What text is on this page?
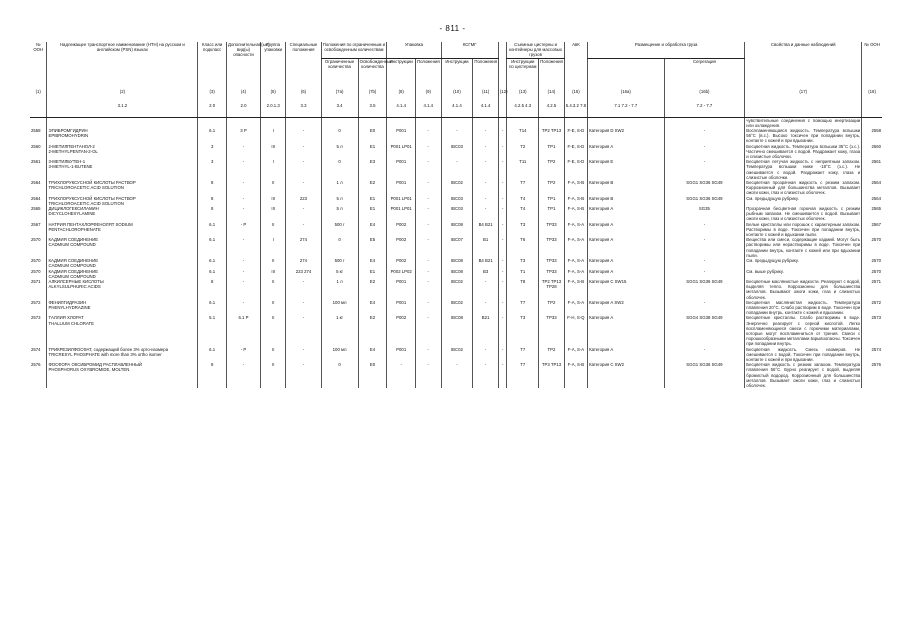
- 811 -
№ ООН	Надлежащее транспортное наименование (НТН) на русском и английском (PSN) языках	Класс или подкласс	Дополнительная(ые) вид(ы) опасности	Группа упаковки	Специальные положения	Положения по ограниченным и освобожденным количествам		Упаковка		КСГМГ			Съемные цистерны и контейнеры для массовых грузов		АвК	Размещение и обработка груза		Свойства и данные наблюдений	№ ООН
						Ограниченные количества	Освобожденные количества	Инструкции	Положения	Инструкции	Положения		Инструкции по цистернам	Положения			Сегрегация		
(1)	(2)	(3)	(4)	(5)	(6)	(7a)	(7b)	(8)	(9)	(10)	(11)	(12)	(13)	(14)	(15)	(16a)	(16b)	(17)	(18)
	3.1.2	2.0	2.0	2.0.1.3	3.3	3.4	3.5	4.1.4	4.1.4	4.1.4	4.1.4		4.2.5 4.3	4.2.5	5.4.3.2 7.8	7.1 7.2 - 7.7	7.2 - 7.7		

																	чувствительные соединения с помощью инертизации или охлаждения.	
2558	ЭПИБРОМГИДРИН
EPIBROMOHYDRIN	6.1	3 P	I	-	0	E0	P001	-	-	-	-	T14	TP2 TP13	F-E, S-D	Категория D SW2	-	Воспламеняющаяся жидкость. Температура вспышки 56°C (в.с.). Высоко токсичен при попадании внутрь, контакте с кожей и при вдыхании.	2558
2560	2-МЕТИЛПЕНТАНОЛ-2
2-METHYLPENTAN-2-OL	3	-	III	-	5 л	E1	P001 LP01	-	IBC03	-	-	T2	TP1	F-E, S-D	Категория А	-	Бесцветная жидкость. Температура вспышки 35°C (з.с.). Частично смешивается с водой. Раздражает кожу, глаза и слизистые оболочки.	2560
2561	3-МЕТИЛБУТЕН-1
3-METHYL-1-BUTENE	3	-	I	-	0	E3	P001	-	-	-	-	T11	TP2	F-E, S-D	Категория E	-	Бесцветная летучая жидкость с неприятным запахом. Температура вспышки ниже -18°C (з.с.). Не смешивается с водой. Раздражает кожу, глаза и слизистые оболочки.	2561
2564	ТРИХЛОРУКСУСНОЙ КИСЛОТЫ РАСТВОР
TRICHLOROACETIC ACID SOLUTION	8	-	II	-	1 л	E2	P001	-	IBC02	-	-	T7	TP2	F-A, S-B	Категория В	SGG1 SG36 SG49	Бесцветная прозрачная жидкость с резким запахом. Коррозионный для большинства металлов. Вызывает ожоги кожи, глаз и слизистых оболочек.	2564
2564	ТРИХЛОРУКСУСНОЙ КИСЛОТЫ РАСТВОР
TRICHLOROACETIC ACID SOLUTION	8	-	III	223	5 л	E1	P001 LP01	-	IBC03	-	-	T4	TP1	F-A, S-B	Категория В	SGG1 SG36 SG49	См. предыдущую рубрику.	2564
2565	ДИЦИКЛОГЕКСИЛАМИН
DICYCLOHEXYLAMINE	8	-	III	-	5 л	E1	P001 LP01	-	IBC03	-	-	T4	TP1	F-A, S-B	Категория А	SG35	Прозрачная бесцветная горючая жидкость с резким рыбным запахом. Не смешивается с водой. Вызывает ожоги кожи, глаз и слизистых оболочек.	2565
2567	НАТРИЯ ПЕНТАХЛОРФЕНОЛЯТ SODIUM
PENTACHLOROPHENATE	6.1	- P	II	-	500 г	E4	P002	-	IBC08	B4 B21	-	T3	TP33	F-A, S-A	Категория A	-	Белые кристаллы или порошок с характерным запахом. Растворимы в воде. Токсичен при попадании внутрь, контакте с кожей и вдыхании пыли.	2567
2570	КАДМИЯ СОЕДИНЕНИЕ
CADMIUM COMPOUND	6.1	-	I	274	0	E5	P002	-	IBC07	B1	-	T6	TP33	F-A, S-A	Категория А	-	Вещества или смеси, содержащие кадмий. Могут быть растворимы или нерастворимы в воде. Токсичен при попадании внутрь, контакте с кожей или при вдыхании пыли.	2570
2570	КАДМИЯ СОЕДИНЕНИЕ
CADMIUM COMPOUND	6.1	-	II	274	500 г	E4	P002	-	IBC08	B4 B21	-	T3	TP33	F-A, S-A	Категория A	-	См. предыдущую рубрику.	2570
2570	КАДМИЯ СОЕДИНЕНИЕ
CADMIUM COMPOUND	6.1	-	III	223 274	5 кг	E1	P002 LP02	-	IBC08	B3	-	T1	TP33	F-A, S-A	Категория A	-	См. выше рубрику.	2570
2571	АЛКИЛСЕРНЫЕ КИСЛОТЫ
ALKYLSULPHURIC ACIDS	8	-	II	-	1 л	E2	P001	-	IBC02	-	-	T8	TP2 TP13 TP28	F-A, S-B	Категория C SW15	SGG1 SG36 SG49	Бесцветные маслянистые жидкости. Реагируют с водой, выделяя тепло. Коррозионны для большинства металлов. Вызывают ожоги кожи, глаз и слизистых оболочек.	2571
2572	ФЕНИЛГИДРАЗИН
PHENYLHYDRAZINE	6.1	-	II	-	100 мл	E4	P001	-	IBC02	-	-	T7	TP2	F-A, S-A	Категория А SW2	-	Бесцветная маслянистая жидкость. Температура плавления 20°C. Слабо растворим в воде. Токсичен при попадании внутрь, контакте с кожей и вдыхании.	2572
2573	ТАЛЛИЯ ХЛОРАТ
THALLIUM CHLORATE	5.1	6.1 P	II	-	1 кг	E2	P002	-	IBC08	B21	-	T3	TP33	F-H, S-Q	Категория А	SGG4 SG38 SG49	Бесцветные кристаллы. Слабо растворимы в воде. Энергично реагирует с серной кислотой. Легко воспламеняющиеся смеси с горючими материалами, которые могут воспламениться от трения. Смеси с порошкообразными металлами взрывоопасны. Токсичен при попадании внутрь.	2573
2574	ТРИКРЕЗИЛФОСФАТ, содержащий более 3% орто-изомера
TRICRESYL PHOSPHATE with more than 3% ortho isomer	6.1	- P	II	-	100 мл	E4	P001	-	IBC02	-	-	T7	TP2	F-A, S-A	Категория А	-	Бесцветная жидкость. Смесь изомеров. Не смешивается с водой. Токсичен при попадании внутрь, контакте с кожей и при вдыхании.	2574
2576	ФОСФОРА ОКСИБРОМИД РАСПЛАВЛЕННЫЙ
PHOSPHORUS OXYBROMIDE, MOLTEN	8	-	II	-	0	E0	-	-	-	-	-	T7	TP3 TP13	F-A, S-B	Категория C SW2	SGG1 SG36 SG49	Бесцветная жидкость с резким запахом. Температура плавления 56°C. Бурно реагирует с водой, выделяя бромистый водород. Коррозионный для большинства металлов. Вызывает ожоги кожи, глаз и слизистых оболочек.	2576
